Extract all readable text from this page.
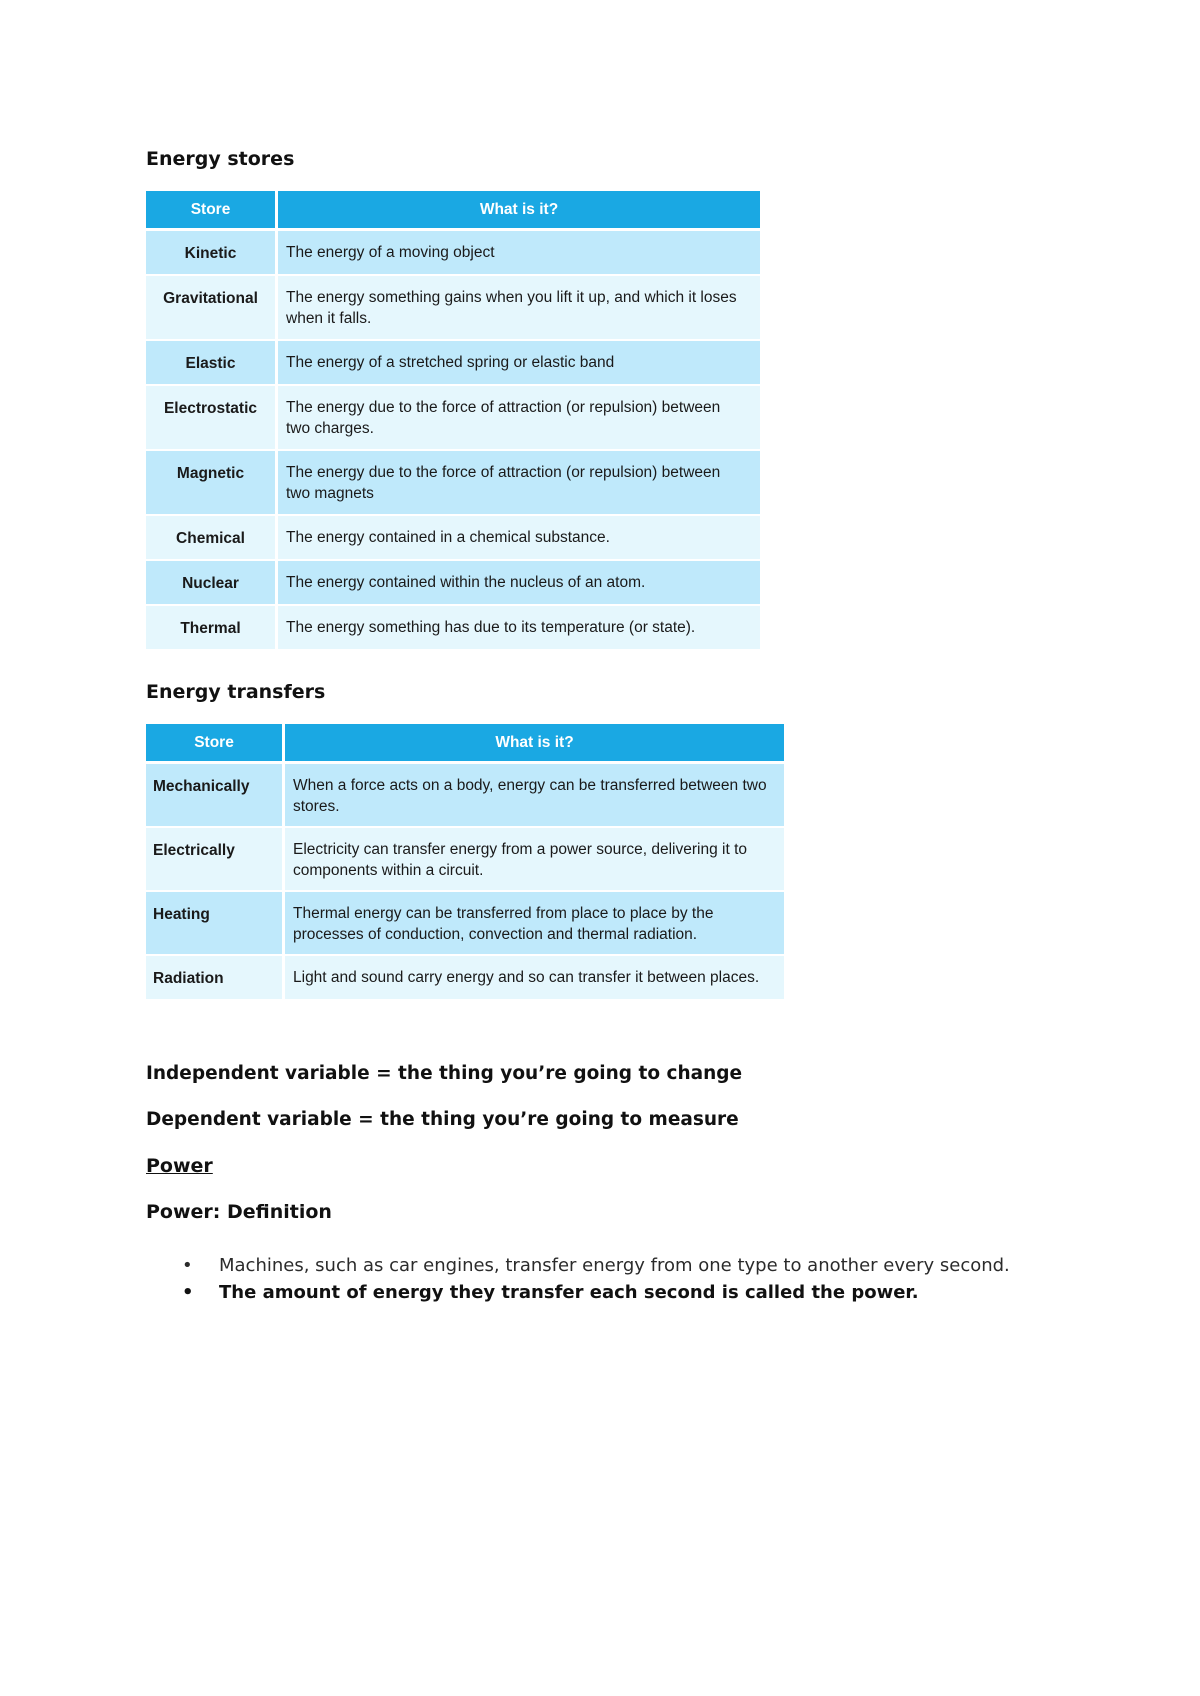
Energy stores
Store	What is it?
Kinetic	The energy of a moving object
Gravitational	The energy something gains when you lift it up, and which it loses when it falls.
Elastic	The energy of a stretched spring or elastic band
Electrostatic	The energy due to the force of attraction (or repulsion) between two charges.
Magnetic	The energy due to the force of attraction (or repulsion) between two magnets
Chemical	The energy contained in a chemical substance.
Nuclear	The energy contained within the nucleus of an atom.
Thermal	The energy something has due to its temperature (or state).
Energy transfers
Store	What is it?
Mechanically	When a force acts on a body, energy can be transferred between two stores.
Electrically	Electricity can transfer energy from a power source, delivering it to components within a circuit.
Heating	Thermal energy can be transferred from place to place by the processes of conduction, convection and thermal radiation.
Radiation	Light and sound carry energy and so can transfer it between places.

Independent variable = the thing you’re going to change

Dependent variable = the thing you’re going to measure

Power
Power: Definition
• Machines, such as car engines, transfer energy from one type to another every second.
• The amount of energy they transfer each second is called the power.
